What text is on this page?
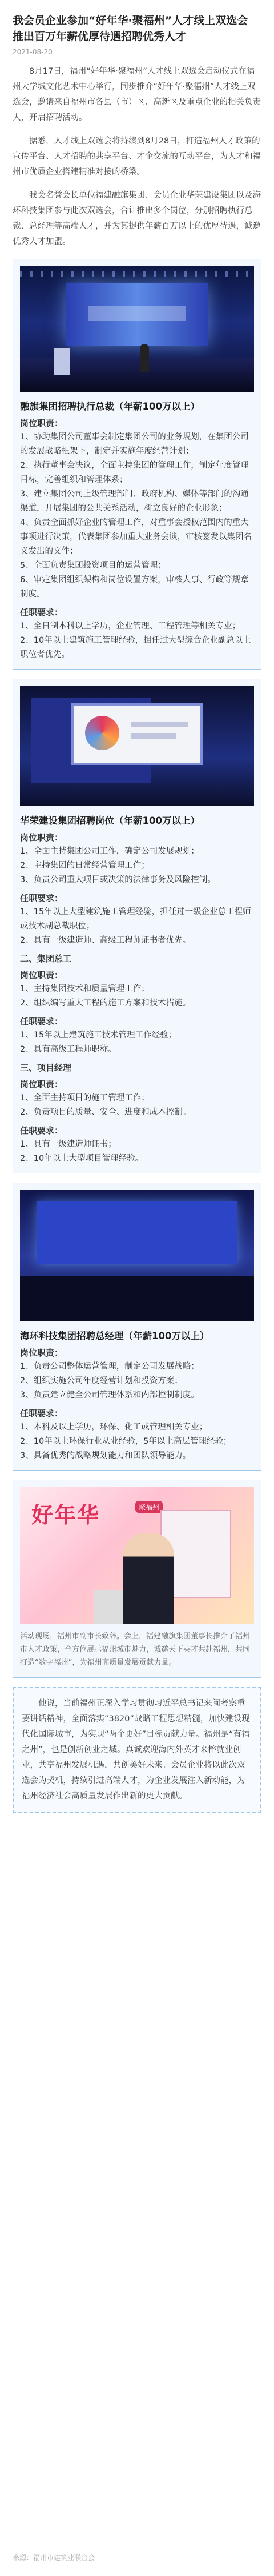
我会员企业参加“好年华·聚福州”人才线上双选会 推出百万年薪优厚待遇招聘优秀人才
2021-08-20

8月17日，福州“好年华·聚福州”人才线上双选会启动仪式在福州大学城文化艺术中心举行，同步推介“好年华·聚福州”人才线上双选会，邀请来自福州市各县（市）区、高新区及重点企业的相关负责人，开启招聘活动。

据悉，人才线上双选会将持续到8月28日，打造福州人才政策的宣传平台、人才招聘的共享平台、才企交流的互动平台，为人才和福州市优质企业搭建精准对接的桥梁。

我会名誉会长单位福建融旗集团、会员企业华荣建设集团以及海环科技集团参与此次双选会，合计推出多个岗位，分别招聘执行总裁、总经理等高端人才，并为其提供年薪百万以上的优厚待遇，诚邀优秀人才加盟。

融旗集团招聘执行总裁（年薪100万以上）
岗位职责：
1、协助集团公司董事会制定集团公司的业务规划，在集团公司的发展战略框架下，制定并实施年度经营计划；
2、执行董事会决议，全面主持集团的管理工作，制定年度管理目标，完善组织和管理体系；
3、建立集团公司上级管理部门、政府机构、媒体等部门的沟通渠道，开展集团的公共关系活动，树立良好的企业形象；
4、负责全面抓好企业的管理工作，对重事会授权范围内的重大事项进行决策，代表集团参加重大业务会谈，审核签发以集团名义发出的文件；
5、全面负责集团投资项目的运营管理；
6、审定集团组织架构和岗位设置方案，审核人事、行政等规章制度。
任职要求：
1、全日制本科以上学历，企业管理、工程管理等相关专业；
2、10年以上建筑施工管理经验，担任过大型综合企业副总以上职位者优先。
华荣建设集团招聘岗位（年薪100万以上）
岗位职责：
1、全面主持集团公司工作，确定公司发展规划；
2、主持集团的日常经营管理工作；
3、负责公司重大项目或决策的法律事务及风险控制。
任职要求：
1、15年以上大型建筑施工管理经验，担任过一级企业总工程师或技术副总裁职位；
2、具有一级建造师、高级工程师证书者优先。
二、集团总工
岗位职责：
1、主持集团技术和质量管理工作；
2、组织编写重大工程的施工方案和技术措施。
任职要求：
1、15年以上建筑施工技术管理工作经验；
2、具有高级工程师职称。
三、项目经理
岗位职责：
1、全面主持项目的施工管理工作；
2、负责项目的质量、安全、进度和成本控制。
任职要求：
1、具有一级建造师证书；
2、10年以上大型项目管理经验。
海环科技集团招聘总经理（年薪100万以上）
岗位职责：
1、负责公司整体运营管理，制定公司发展战略；
2、组织实施公司年度经营计划和投资方案；
3、负责建立健全公司管理体系和内部控制制度。
任职要求：
1、本科及以上学历，环保、化工或管理相关专业；
2、10年以上环保行业从业经验，5年以上高层管理经验；
3、具备优秀的战略规划能力和团队领导能力。
好年华	聚福州
活动现场，福州市副市长致辞。会上，福建融旗集团董事长推介了福州市人才政策，全方位展示福州城市魅力，诚邀天下英才共赴福州，共同打造“数字福州”，为福州高质量发展贡献力量。

他说，当前福州正深入学习贯彻习近平总书记来闽考察重要讲话精神，全面落实“3820”战略工程思想精髓，加快建设现代化国际城市，为实现“两个更好”目标贡献力量。福州是“有福之州”，也是创新创业之城。真诚欢迎海内外英才来榕就业创业，共享福州发展机遇，共创美好未来。会员企业将以此次双选会为契机，持续引进高端人才，为企业发展注入新动能，为福州经济社会高质量发展作出新的更大贡献。

来源：福州市建筑业联合会
